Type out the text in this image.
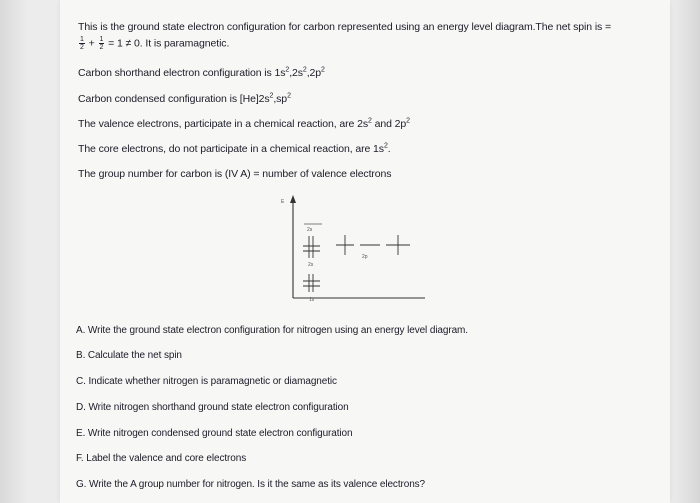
This is the ground state electron configuration for carbon represented using an energy level diagram.The net spin is =
$\frac{1}{2} + \frac{1}{2} = 1 \ne 0$. It is paramagnetic.
Carbon shorthand electron configuration is $1s^2,2s^2,2p^2$
Carbon condensed configuration is $[He]2s^2,sp^2$
The valence electrons, participate in a chemical reaction, are $2s^2$ and $2p^2$
The core electrons, do not participate in a chemical reaction, are $1s^2$.
The group number for carbon is (IV A) = number of valence electrons
E
2s
2s
2p
1s
A. Write the ground state electron configuration for nitrogen using an energy level diagram.
B. Calculate the net spin
C. Indicate whether nitrogen is paramagnetic or diamagnetic
D. Write nitrogen shorthand ground state electron configuration
E. Write nitrogen condensed ground state electron configuration
F. Label the valence and core electrons
G. Write the A group number for nitrogen. Is it the same as its valence electrons?
